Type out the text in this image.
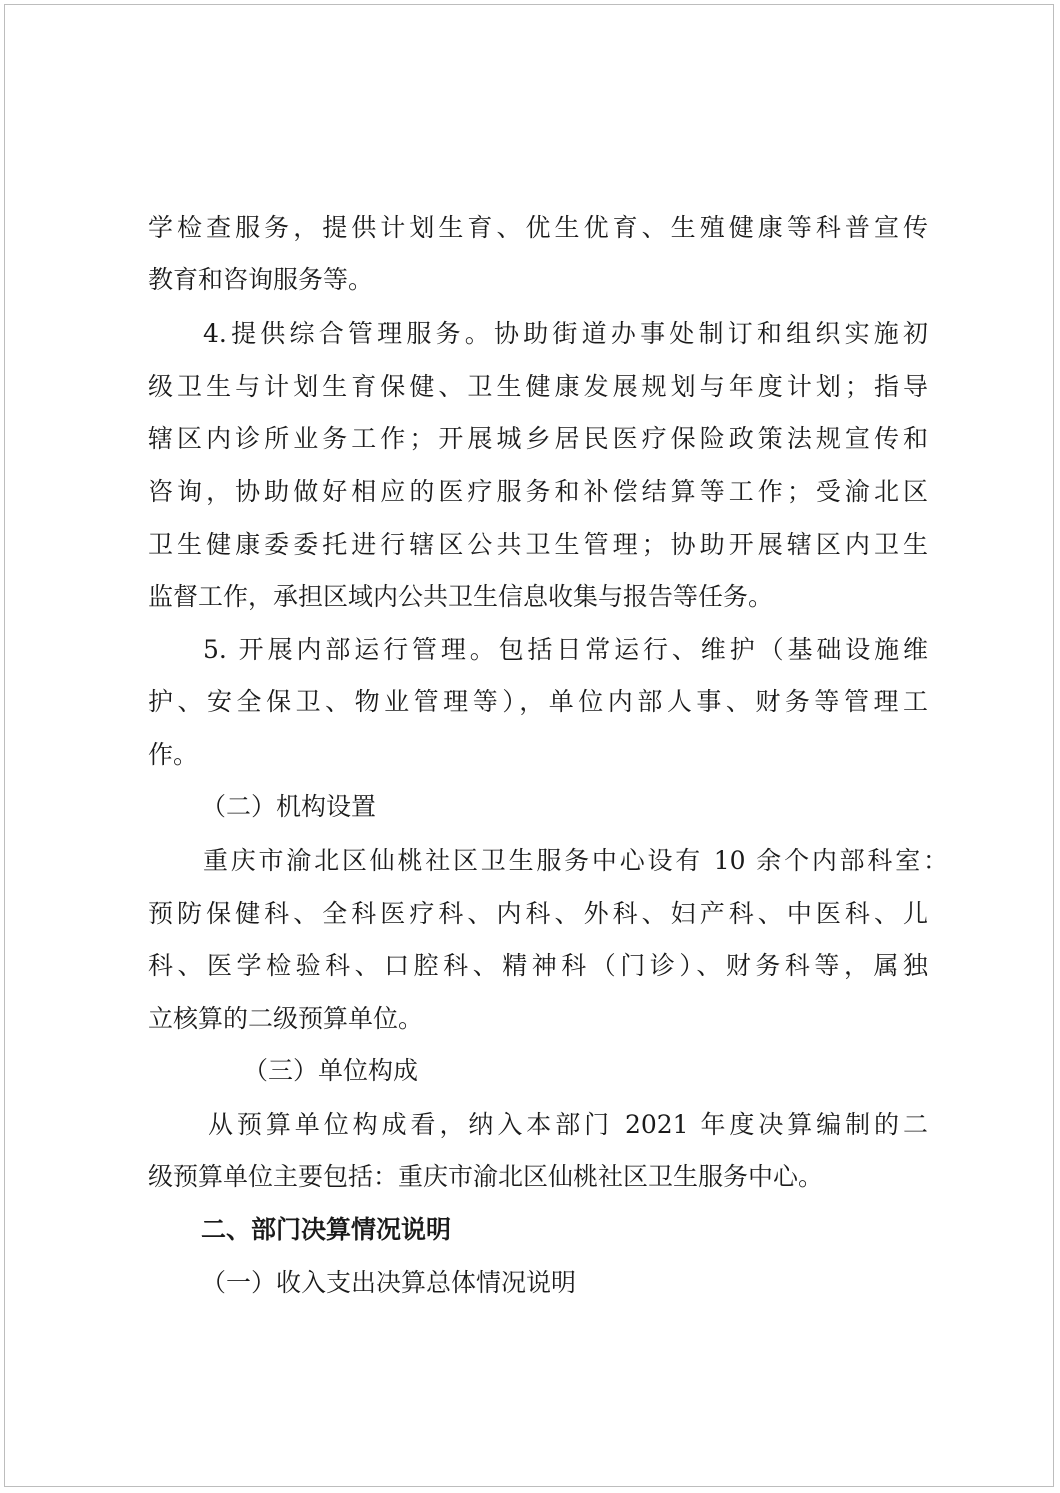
学检查服务，提供计划生育、优生优育、生殖健康等科普宣传
教育和咨询服务等。
4.提供综合管理服务。协助街道办事处制订和组织实施初
级卫生与计划生育保健、卫生健康发展规划与年度计划；指导
辖区内诊所业务工作；开展城乡居民医疗保险政策法规宣传和
咨询，协助做好相应的医疗服务和补偿结算等工作；受渝北区
卫生健康委委托进行辖区公共卫生管理；协助开展辖区内卫生
监督工作，承担区域内公共卫生信息收集与报告等任务。
5. 开展内部运行管理。包括日常运行、维护（基础设施维
护、安全保卫、物业管理等），单位内部人事、财务等管理工
作。
（二）机构设置
重庆市渝北区仙桃社区卫生服务中心设有 10 余个内部科室：
预防保健科、全科医疗科、内科、外科、妇产科、中医科、儿
科、医学检验科、口腔科、精神科（门诊）、财务科等，属独
立核算的二级预算单位。
（三）单位构成
从预算单位构成看，纳入本部门 2021 年度决算编制的二
级预算单位主要包括：重庆市渝北区仙桃社区卫生服务中心。
二、部门决算情况说明
（一）收入支出决算总体情况说明
